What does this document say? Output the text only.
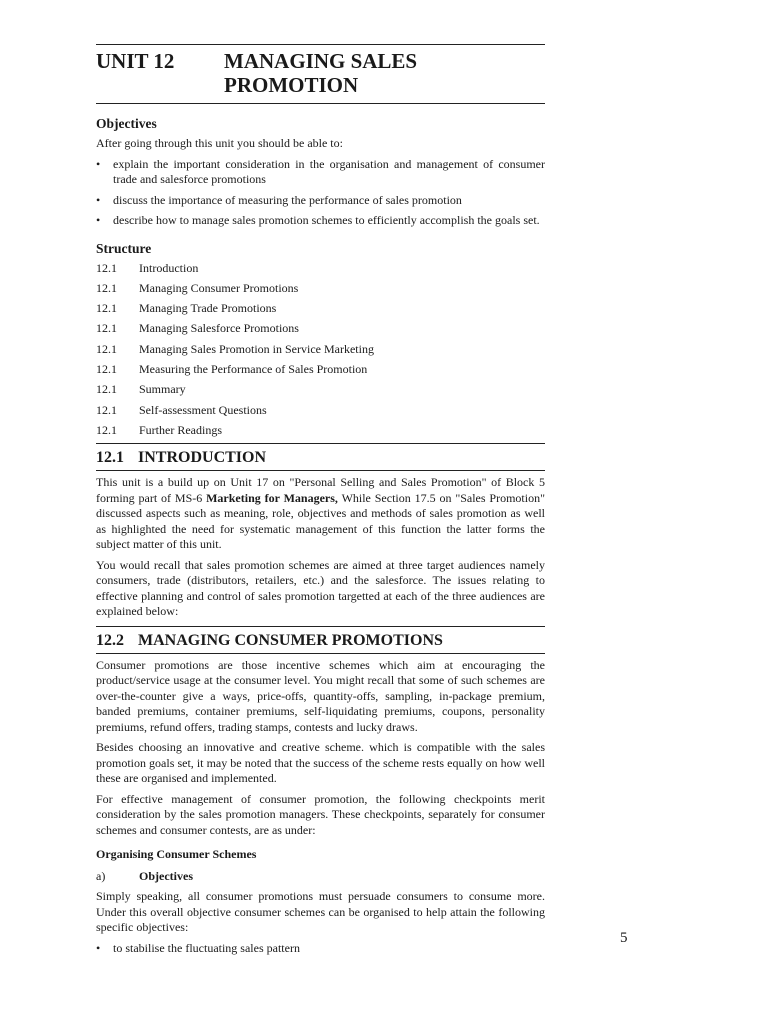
UNIT 12	MANAGING SALES
PROMOTION
Objectives

After going through this unit you should be able to:

•	explain the important consideration in the organisation and management of consumer trade and salesforce promotions
•	discuss the importance of measuring the performance of sales promotion
•	describe how to manage sales promotion schemes to efficiently accomplish the goals set.
Structure
12.1	Introduction
12.1	Managing Consumer Promotions
12.1	Managing Trade Promotions
12.1	Managing Salesforce Promotions
12.1	Managing Sales Promotion in Service Marketing
12.1	Measuring the Performance of Sales Promotion
12.1	Summary
12.1	Self-assessment Questions
12.1	Further Readings
12.1 INTRODUCTION

This unit is a build up on Unit 17 on "Personal Selling and Sales Promotion" of Block 5 forming part of MS-6 Marketing for Managers, While Section 17.5 on "Sales Promotion" discussed aspects such as meaning, role, objectives and methods of sales promotion as well as highlighted the need for systematic management of this function the latter forms the subject matter of this unit.

You would recall that sales promotion schemes are aimed at three target audiences namely consumers, trade (distributors, retailers, etc.) and the salesforce. The issues relating to effective planning and control of sales promotion targetted at each of the three audiences are explained below:

12.2 MANAGING CONSUMER PROMOTIONS

Consumer promotions are those incentive schemes which aim at encouraging the product/service usage at the consumer level. You might recall that some of such schemes are over-the-counter give a ways, price-offs, quantity-offs, sampling, in-package premium, banded premiums, container premiums, self-liquidating premiums, coupons, personality premiums, refund offers, trading stamps, contests and lucky draws.

Besides choosing an innovative and creative scheme. which is compatible with the sales promotion goals set, it may be noted that the success of the scheme rests equally on how well these are organised and implemented.

For effective management of consumer promotion, the following checkpoints merit consideration by the sales promotion managers. These checkpoints, separately for consumer schemes and consumer contests, are as under:

Organising Consumer Schemes
a)	Objectives

Simply speaking, all consumer promotions must persuade consumers to consume more. Under this overall objective consumer schemes can be organised to help attain the following specific objectives:

•	to stabilise the fluctuating sales pattern
5
